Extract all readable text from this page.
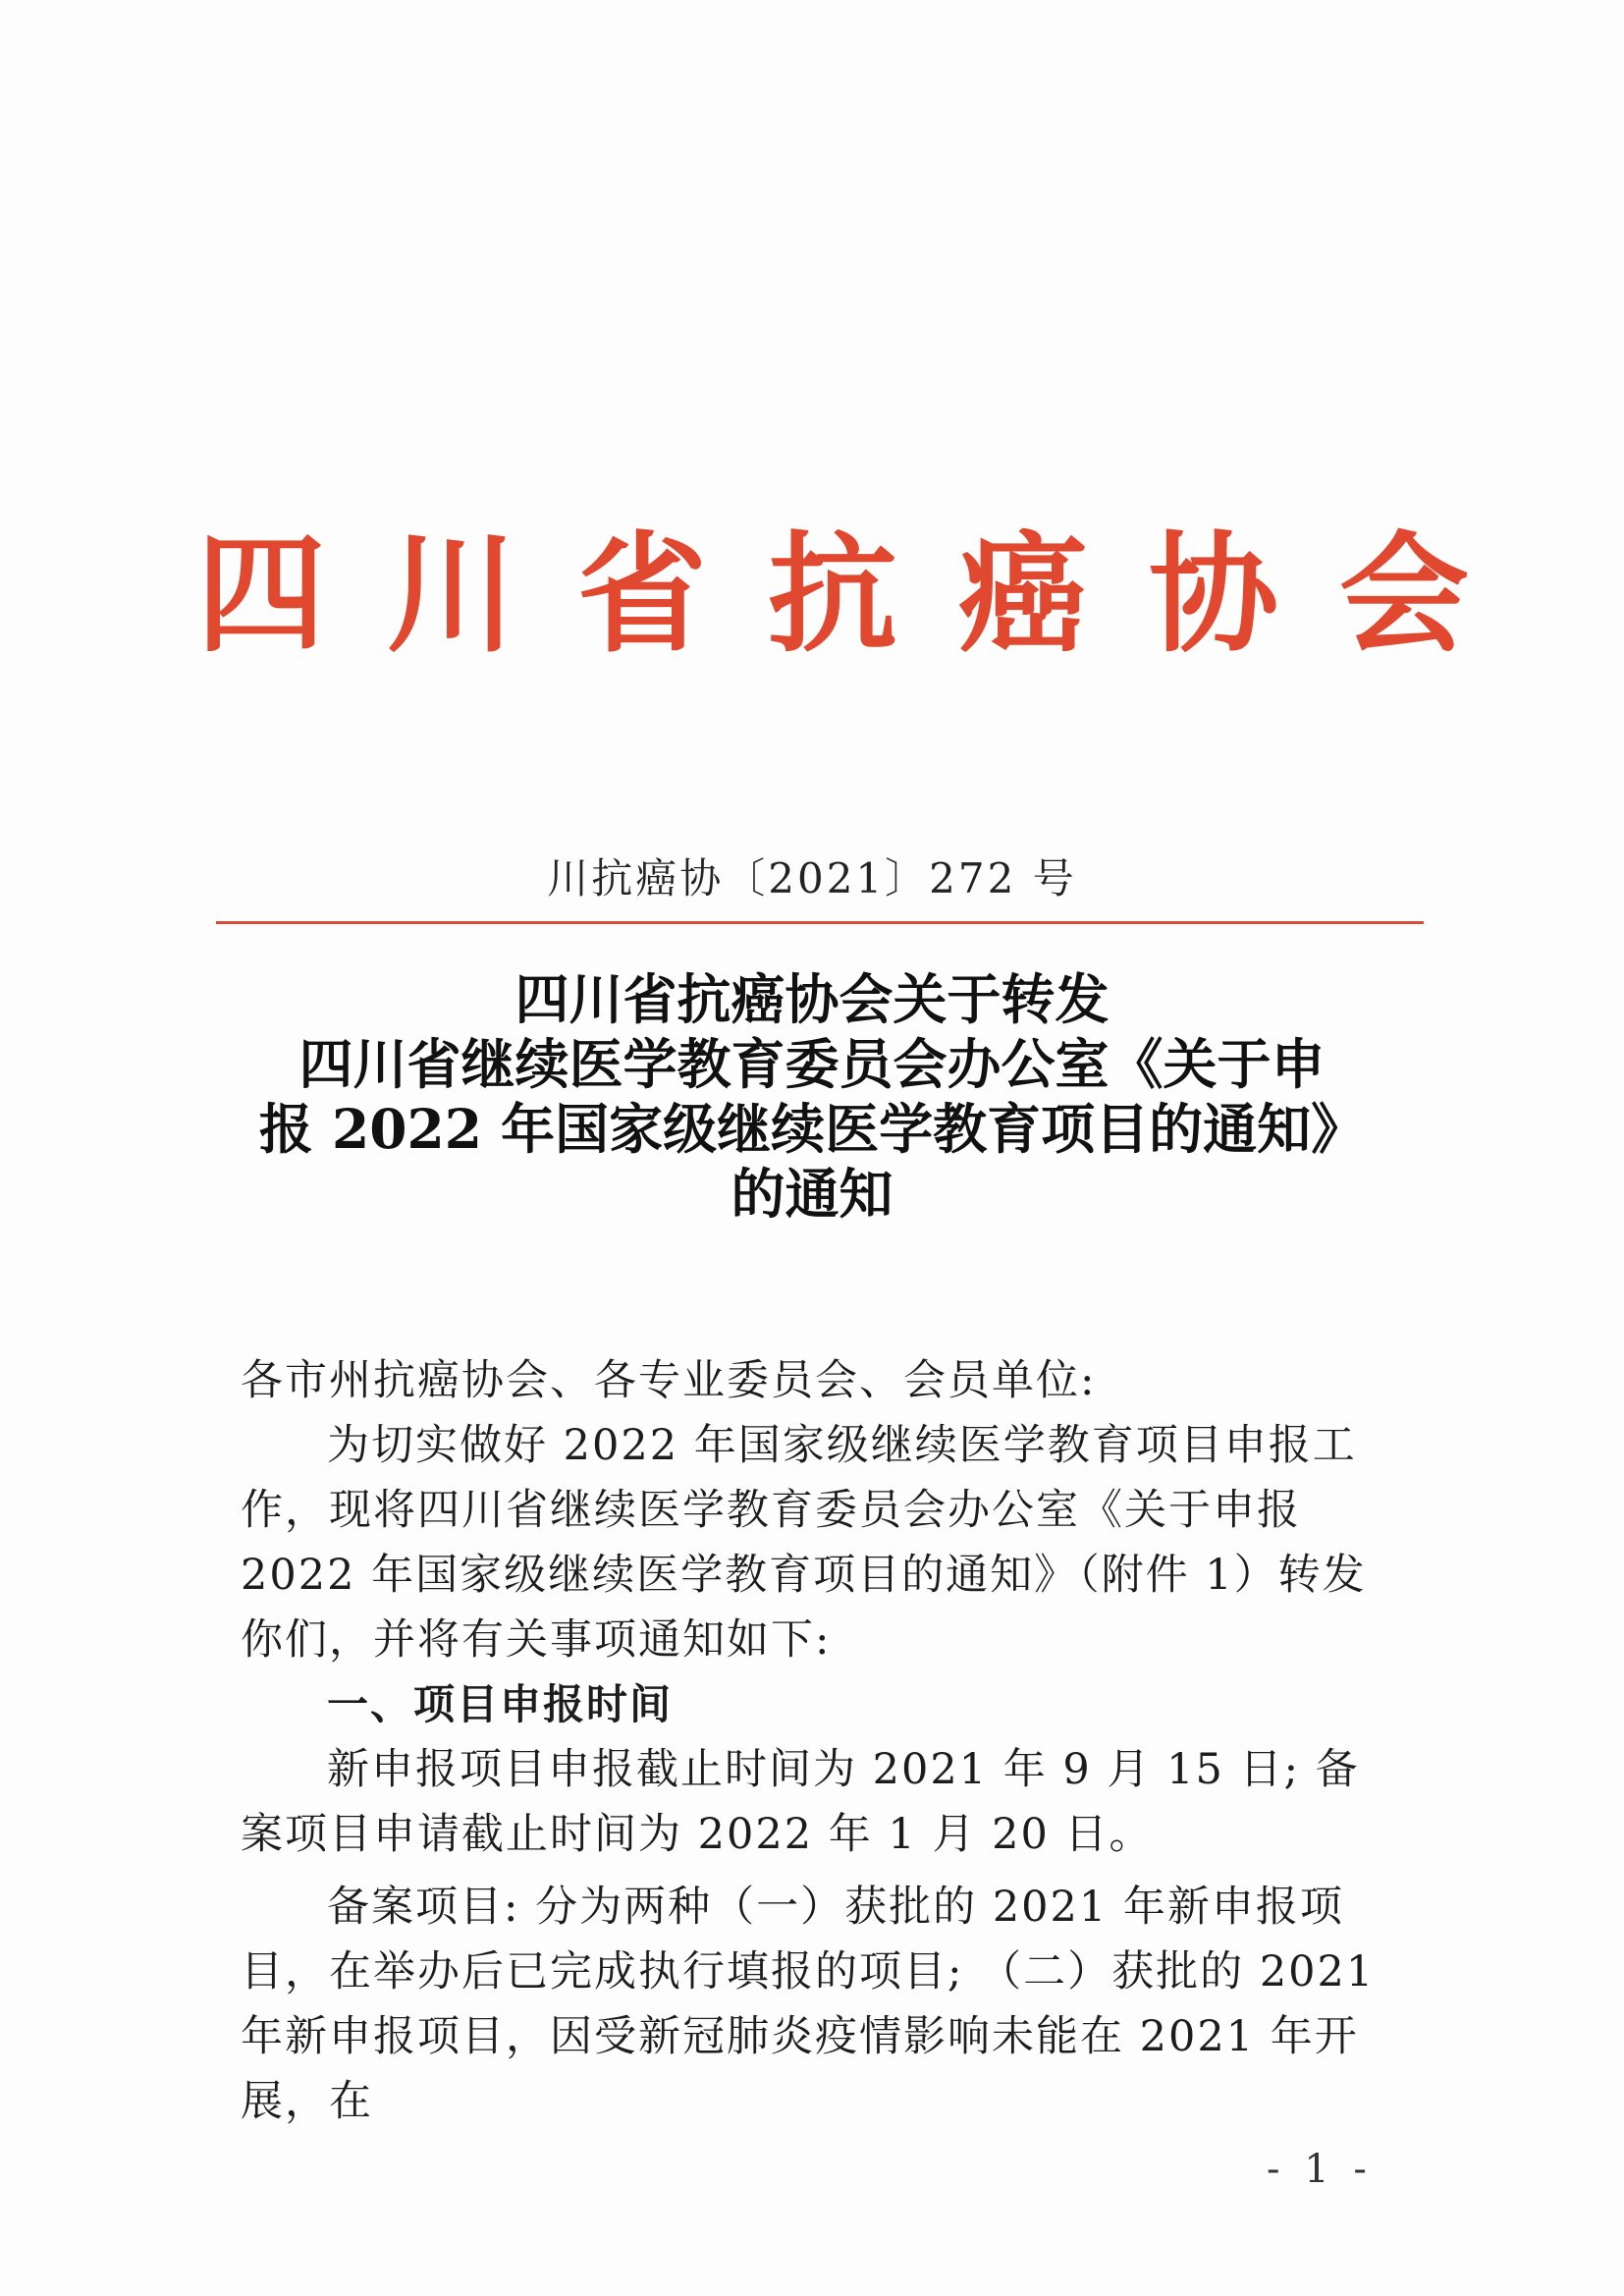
四川省抗癌协会
川抗癌协〔2021〕272 号
四川省抗癌协会关于转发
四川省继续医学教育委员会办公室《关于申
报 2022 年国家级继续医学教育项目的通知》
的通知

各市州抗癌协会、各专业委员会、会员单位:

为切实做好 2022 年国家级继续医学教育项目申报工作，现将四川省继续医学教育委员会办公室《关于申报 2022 年国家级继续医学教育项目的通知》（附件 1）转发你们，并将有关事项通知如下:

一、项目申报时间

新申报项目申报截止时间为 2021 年 9 月 15 日; 备案项目申请截止时间为 2022 年 1 月 20 日。

备案项目: 分为两种（一）获批的 2021 年新申报项目，在举办后已完成执行填报的项目; （二）获批的 2021 年新申报项目，因受新冠肺炎疫情影响未能在 2021 年开展，在

- 1 -
